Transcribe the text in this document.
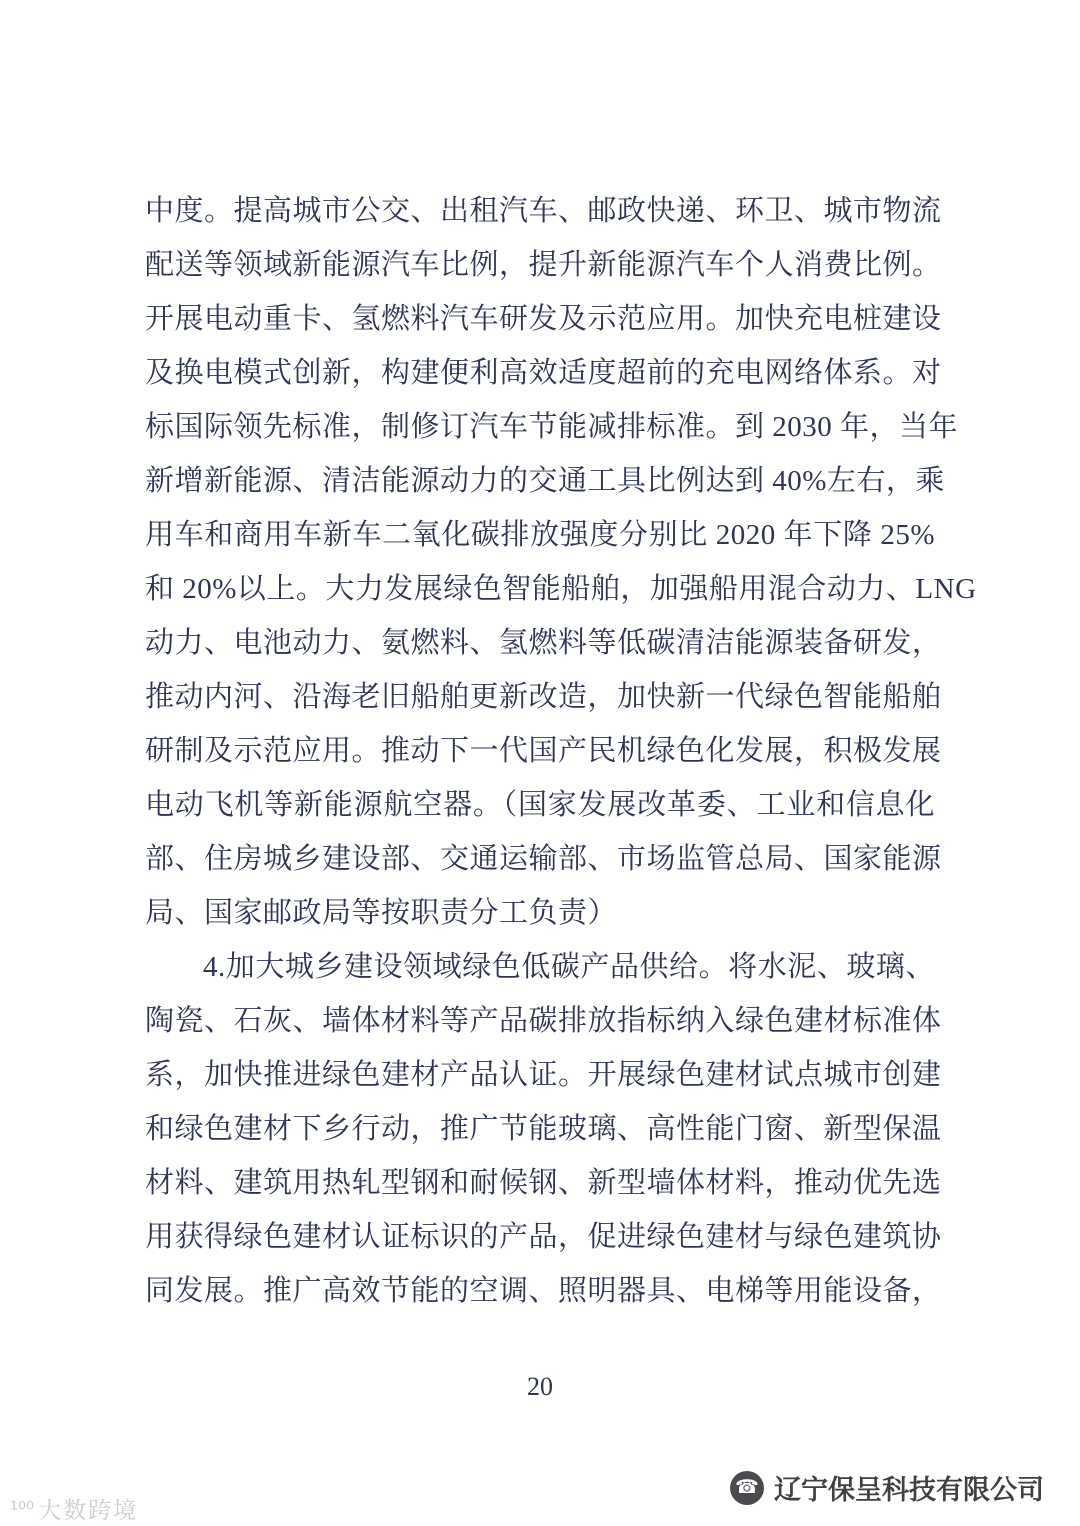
中度。提高城市公交、出租汽车、邮政快递、环卫、城市物流
配送等领域新能源汽车比例，提升新能源汽车个人消费比例。
开展电动重卡、氢燃料汽车研发及示范应用。加快充电桩建设
及换电模式创新，构建便利高效适度超前的充电网络体系。对
标国际领先标准，制修订汽车节能减排标准。到 2030 年，当年
新增新能源、清洁能源动力的交通工具比例达到 40%左右，乘
用车和商用车新车二氧化碳排放强度分别比 2020 年下降 25%
和 20%以上。大力发展绿色智能船舶，加强船用混合动力、LNG
动力、电池动力、氨燃料、氢燃料等低碳清洁能源装备研发，
推动内河、沿海老旧船舶更新改造，加快新一代绿色智能船舶
研制及示范应用。推动下一代国产民机绿色化发展，积极发展
电动飞机等新能源航空器。（国家发展改革委、工业和信息化
部、住房城乡建设部、交通运输部、市场监管总局、国家能源
局、国家邮政局等按职责分工负责）
4.加大城乡建设领域绿色低碳产品供给。将水泥、玻璃、
陶瓷、石灰、墙体材料等产品碳排放指标纳入绿色建材标准体
系，加快推进绿色建材产品认证。开展绿色建材试点城市创建
和绿色建材下乡行动，推广节能玻璃、高性能门窗、新型保温
材料、建筑用热轧型钢和耐候钢、新型墙体材料，推动优先选
用获得绿色建材认证标识的产品，促进绿色建材与绿色建筑协
同发展。推广高效节能的空调、照明器具、电梯等用能设备，
20
☎ 辽宁保呈科技有限公司
¹⁰⁰ 大数跨境
